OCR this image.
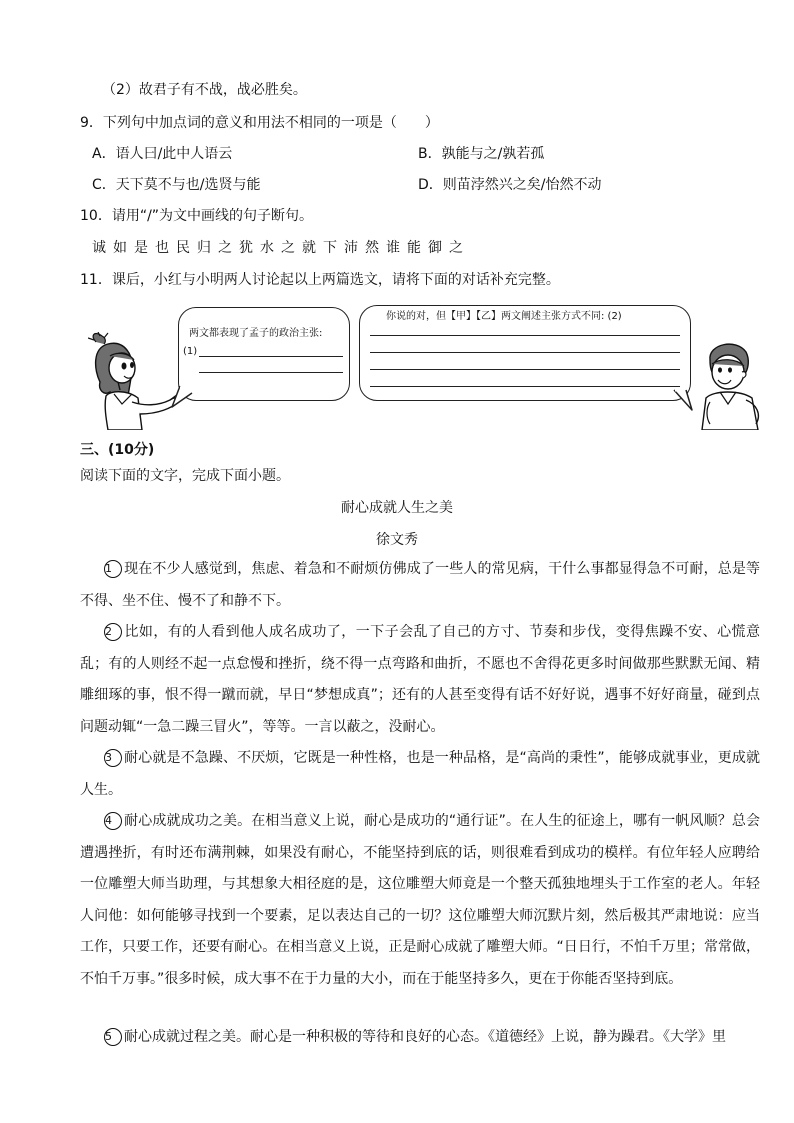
（2）故君子有不战，战必胜矣。
9．下列句中加点词的意义和用法不相同的一项是（　　）
A．语人曰/此中人语云	B．孰能与之/孰若孤
C．天下莫不与也/选贤与能	D．则苗浡然兴之矣/怡然不动
10．请用“/”为文中画线的句子断句。
诚如是也民归之犹水之就下沛然谁能御之
11．课后，小红与小明两人讨论起以上两篇选文，请将下面的对话补充完整。
两文都表现了孟子的政治主张:
(1)
你说的对，但【甲】【乙】两文阐述主张方式不同: (2)
三、(10分)
阅读下面的文字，完成下面小题。
耐心成就人生之美
徐文秀
1 现在不少人感觉到，焦虑、着急和不耐烦仿佛成了一些人的常见病，干什么事都显得急不可耐，总是等不得、坐不住、慢不了和静不下。
2 比如，有的人看到他人成名成功了，一下子会乱了自己的方寸、节奏和步伐，变得焦躁不安、心慌意乱；有的人则经不起一点怠慢和挫折，绕不得一点弯路和曲折，不愿也不舍得花更多时间做那些默默无闻、精雕细琢的事，恨不得一蹴而就，早日“梦想成真”；还有的人甚至变得有话不好好说，遇事不好好商量，碰到点问题动辄“一急二躁三冒火”，等等。一言以蔽之，没耐心。
3 耐心就是不急躁、不厌烦，它既是一种性格，也是一种品格，是“高尚的秉性”，能够成就事业，更成就人生。
4 耐心成就成功之美。在相当意义上说，耐心是成功的“通行证”。在人生的征途上，哪有一帆风顺？总会遭遇挫折，有时还布满荆棘，如果没有耐心，不能坚持到底的话，则很难看到成功的模样。有位年轻人应聘给一位雕塑大师当助理，与其想象大相径庭的是，这位雕塑大师竟是一个整天孤独地埋头于工作室的老人。年轻人问他：如何能够寻找到一个要素，足以表达自己的一切？这位雕塑大师沉默片刻，然后极其严肃地说：应当工作，只要工作，还要有耐心。在相当意义上说，正是耐心成就了雕塑大师。“日日行，不怕千万里；常常做，不怕千万事。”很多时候，成大事不在于力量的大小，而在于能坚持多久，更在于你能否坚持到底。
5 耐心成就过程之美。耐心是一种积极的等待和良好的心态。《道德经》上说，静为躁君。《大学》里
